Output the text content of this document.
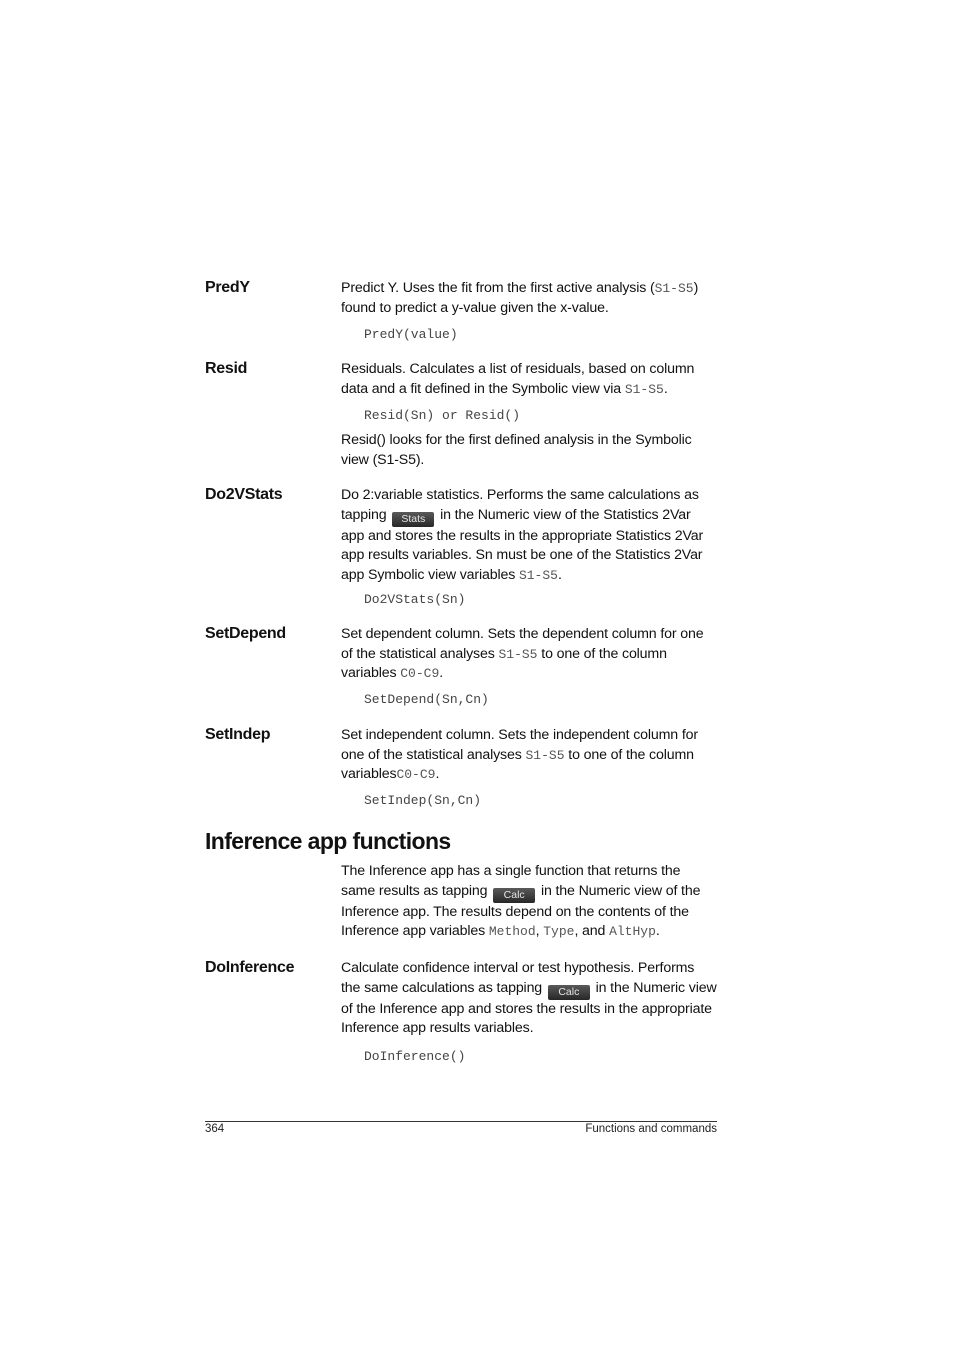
PredY	Predict Y. Uses the fit from the first active analysis (S1-S5) found to predict a y-value given the x-value.

PredY(value)
Resid	Residuals. Calculates a list of residuals, based on column data and a fit defined in the Symbolic view via S1-S5.

Resid(Sn) or Resid()

Resid() looks for the first defined analysis in the Symbolic view (S1-S5).

Do2VStats	Do 2:variable statistics. Performs the same calculations as tapping Stats in the Numeric view of the Statistics 2Var app and stores the results in the appropriate Statistics 2Var app results variables. Sn must be one of the Statistics 2Var app Symbolic view variables S1-S5.

Do2VStats(Sn)
SetDepend	Set dependent column. Sets the dependent column for one of the statistical analyses S1-S5 to one of the column variables C0-C9.

SetDepend(Sn,Cn)
SetIndep	Set independent column. Sets the independent column for one of the statistical analyses S1-S5 to one of the column variablesC0-C9.

SetIndep(Sn,Cn)
Inference app functions

The Inference app has a single function that returns the same results as tapping Calc in the Numeric view of the Inference app. The results depend on the contents of the Inference app variables Method, Type, and AltHyp.

DoInference	Calculate confidence interval or test hypothesis. Performs the same calculations as tapping Calc in the Numeric view of the Inference app and stores the results in the appropriate Inference app results variables.

DoInference()
364	Functions and commands
